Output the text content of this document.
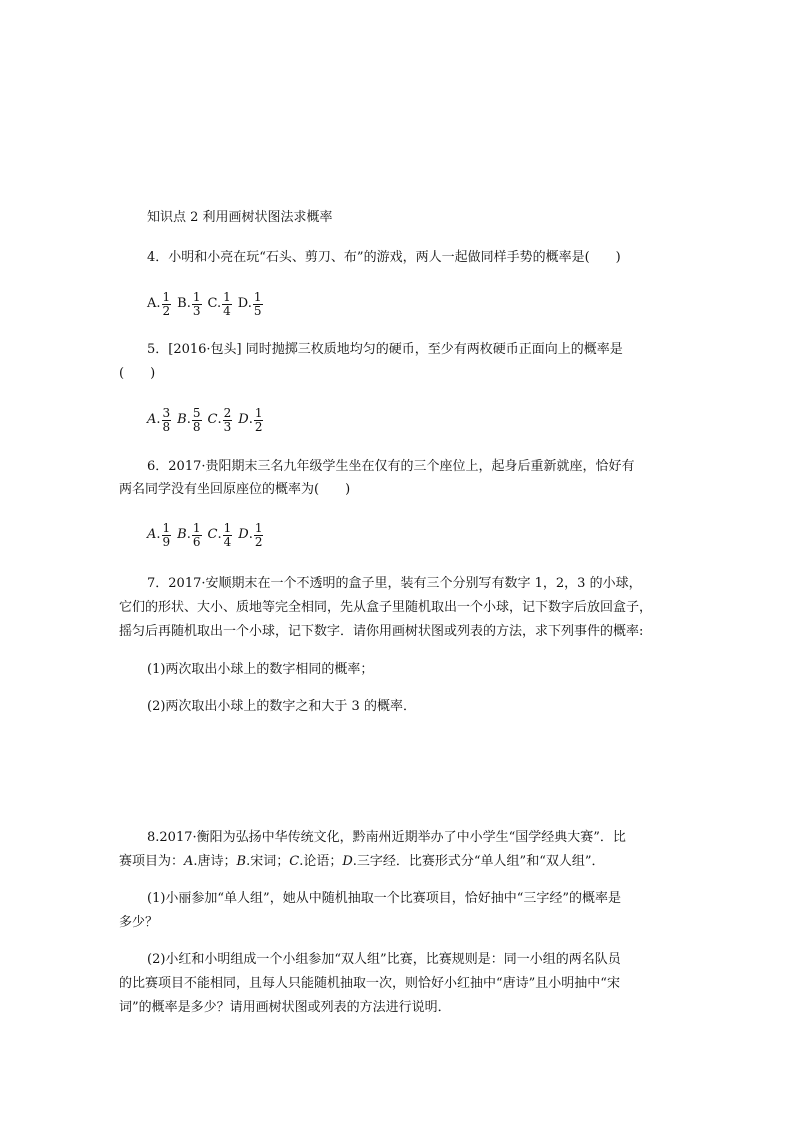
知识点 2 利用画树状图法求概率
4．小明和小亮在玩“石头、剪刀、布”的游戏，两人一起做同样手势的概率是(　　)
A. $\frac{1}{2} B$. $\frac{1}{3} C$. $\frac{1}{4} D$. $\frac{1}{5}$
5．[2016·包头] 同时抛掷三枚质地均匀的硬币，至少有两枚硬币正面向上的概率是
(　　)
A . $\frac{3}{8}$ B . $\frac{5}{8}$ C . $\frac{2}{3}$ D . $\frac{1}{2}$
6．2017·贵阳期末三名九年级学生坐在仅有的三个座位上，起身后重新就座，恰好有
两名同学没有坐回原座位的概率为(　　)
A . $\frac{1}{9}$ B . $\frac{1}{6}$ C . $\frac{1}{4}$ D . $\frac{1}{2}$
7．2017·安顺期末在一个不透明的盒子里，装有三个分别写有数字 1，2，3 的小球，
它们的形状、大小、质地等完全相同，先从盒子里随机取出一个小球，记下数字后放回盒子，
摇匀后再随机取出一个小球，记下数字．请你用画树状图或列表的方法，求下列事件的概率:
(1)两次取出小球上的数字相同的概率；
(2)两次取出小球上的数字之和大于 3 的概率．
8.2017·衡阳为弘扬中华传统文化，黔南州近期举办了中小学生“国学经典大赛”．比
赛项目为：A.唐诗；B.宋词；C.论语；D.三字经．比赛形式分“单人组”和“双人组”．
(1)小丽参加“单人组”，她从中随机抽取一个比赛项目，恰好抽中“三字经”的概率是
多少？
(2)小红和小明组成一个小组参加“双人组”比赛，比赛规则是：同一小组的两名队员
的比赛项目不能相同，且每人只能随机抽取一次，则恰好小红抽中“唐诗”且小明抽中“宋
词”的概率是多少？请用画树状图或列表的方法进行说明．
